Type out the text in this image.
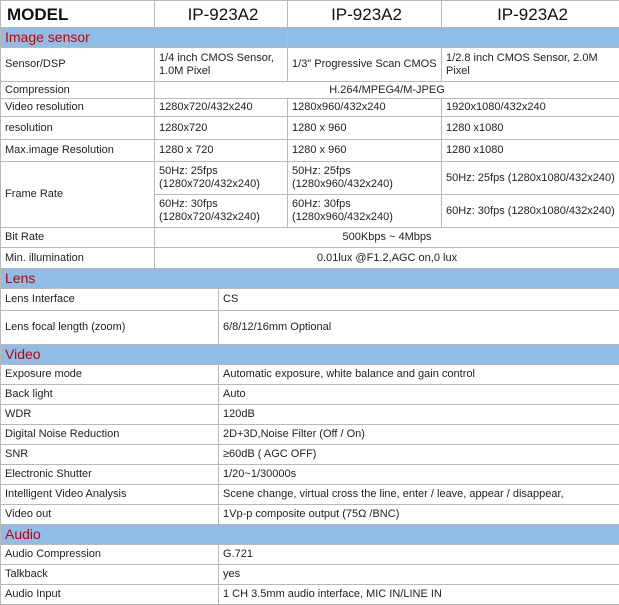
MODEL	IP-923A2		IP-923A2	IP-923A2
Image sensor				
Sensor/DSP	1/4 inch CMOS Sensor, 1.0M Pixel		1/3" Progressive Scan CMOS	1/2.8 inch CMOS Sensor, 2.0M Pixel
Compression	H.264/MPEG4/M-JPEG			
Video resolution	1280x720/432x240		1280x960/432x240	1920x1080/432x240
resolution	1280x720		1280 x 960	1280 x1080
Max.image Resolution	1280 x 720		1280 x 960	1280 x1080
Frame Rate	50Hz: 25fps (1280x720/432x240)		50Hz: 25fps (1280x960/432x240)	50Hz: 25fps (1280x1080/432x240)
	60Hz: 30fps (1280x720/432x240)		60Hz: 30fps (1280x960/432x240)	60Hz: 30fps (1280x1080/432x240)
Bit Rate	500Kbps ~ 4Mbps			
Min. illumination	0.01lux @F1.2,AGC on,0 lux			
Lens				
Lens Interface		CS		
Lens focal length (zoom)		6/8/12/16mm Optional		
Video				
Exposure mode		Automatic exposure, white balance and gain control		
Back light		Auto		
WDR		120dB		
Digital Noise Reduction		2D+3D,Noise Filter (Off / On)		
SNR		≥60dB ( AGC OFF)		
Electronic Shutter		1/20~1/30000s		
Intelligent Video Analysis		Scene change, virtual cross the line, enter / leave, appear / disappear,		
Video out		1Vp-p composite output (75Ω /BNC)		
Audio				
Audio Compression		G.721		
Talkback		yes		
Audio Input		1 CH 3.5mm audio interface, MIC IN/LINE IN		
